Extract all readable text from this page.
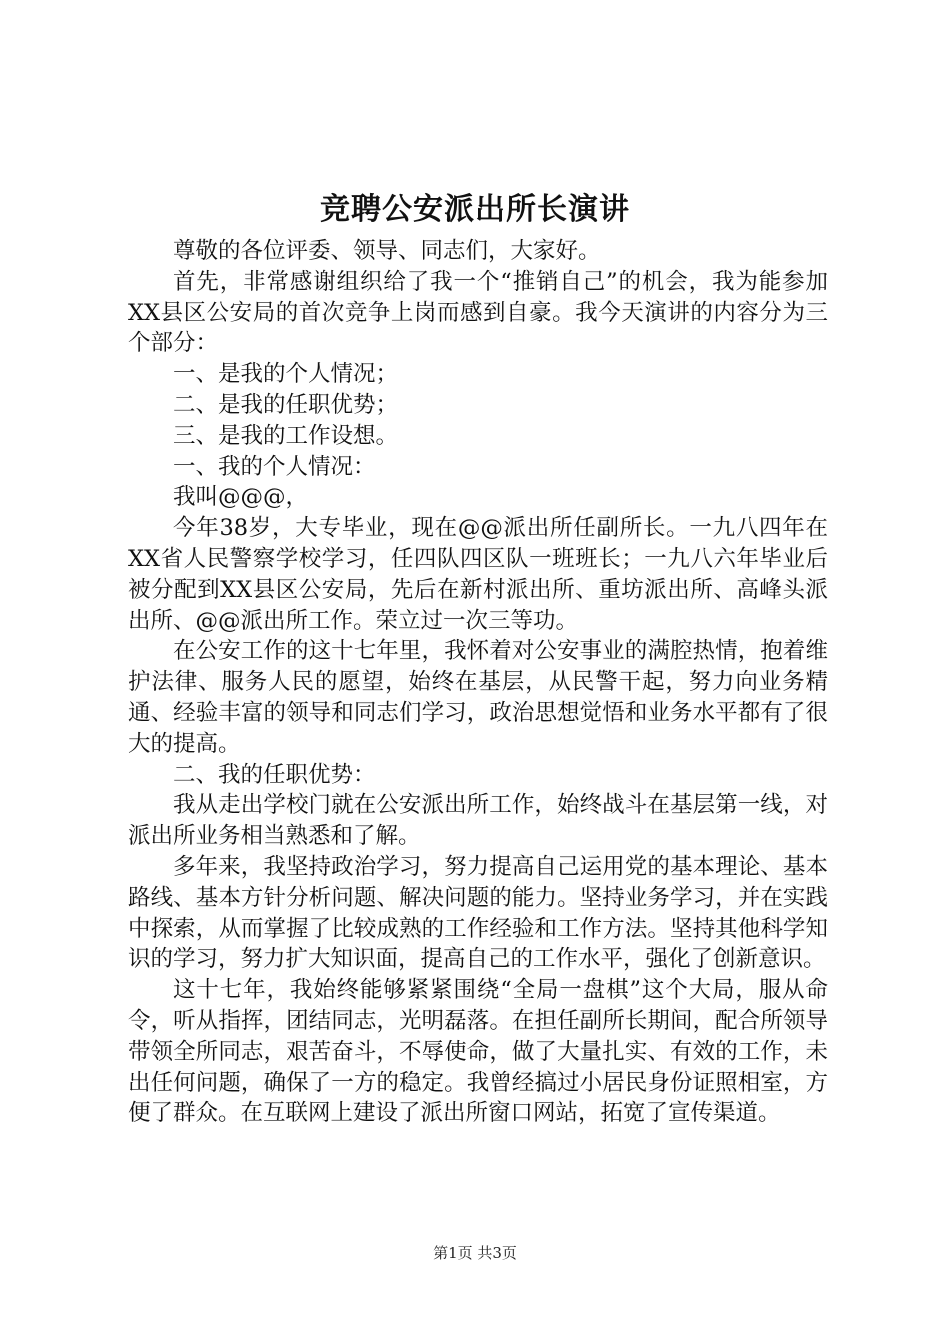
竞聘公安派出所长演讲

尊敬的各位评委、领导、同志们，大家好。

首先，非常感谢组织给了我一个“推销自己”的机会，我为能参加XX县区公安局的首次竞争上岗而感到自豪。我今天演讲的内容分为三个部分：

一、是我的个人情况；

二、是我的任职优势；

三、是我的工作设想。

一、我的个人情况：

我叫@@@，

今年38岁，大专毕业，现在@@派出所任副所长。一九八四年在XX省人民警察学校学习，任四队四区队一班班长；一九八六年毕业后被分配到XX县区公安局，先后在新村派出所、重坊派出所、高峰头派出所、@@派出所工作。荣立过一次三等功。

在公安工作的这十七年里，我怀着对公安事业的满腔热情，抱着维护法律、服务人民的愿望，始终在基层，从民警干起，努力向业务精通、经验丰富的领导和同志们学习，政治思想觉悟和业务水平都有了很大的提高。

二、我的任职优势：

我从走出学校门就在公安派出所工作，始终战斗在基层第一线，对派出所业务相当熟悉和了解。

多年来，我坚持政治学习，努力提高自己运用党的基本理论、基本路线、基本方针分析问题、解决问题的能力。坚持业务学习，并在实践中探索，从而掌握了比较成熟的工作经验和工作方法。坚持其他科学知识的学习，努力扩大知识面，提高自己的工作水平，强化了创新意识。

这十七年，我始终能够紧紧围绕“全局一盘棋”这个大局，服从命令，听从指挥，团结同志，光明磊落。在担任副所长期间，配合所领导带领全所同志，艰苦奋斗，不辱使命，做了大量扎实、有效的工作，未出任何问题，确保了一方的稳定。我曾经搞过小居民身份证照相室，方便了群众。在互联网上建设了派出所窗口网站，拓宽了宣传渠道。

第1页 共3页
